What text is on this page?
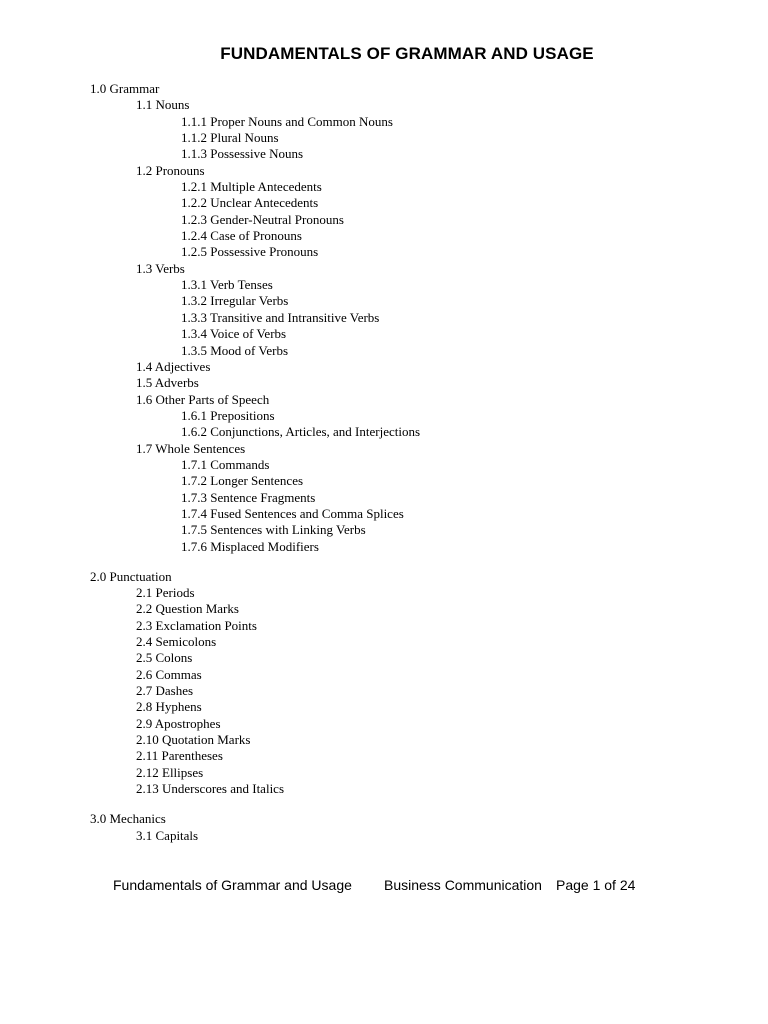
FUNDAMENTALS OF GRAMMAR AND USAGE
1.0 Grammar
1.1 Nouns
1.1.1 Proper Nouns and Common Nouns
1.1.2 Plural Nouns
1.1.3 Possessive Nouns
1.2 Pronouns
1.2.1 Multiple Antecedents
1.2.2 Unclear Antecedents
1.2.3 Gender-Neutral Pronouns
1.2.4 Case of Pronouns
1.2.5 Possessive Pronouns
1.3 Verbs
1.3.1 Verb Tenses
1.3.2 Irregular Verbs
1.3.3 Transitive and Intransitive Verbs
1.3.4 Voice of Verbs
1.3.5 Mood of Verbs
1.4 Adjectives
1.5 Adverbs
1.6 Other Parts of Speech
1.6.1 Prepositions
1.6.2 Conjunctions, Articles, and Interjections
1.7 Whole Sentences
1.7.1 Commands
1.7.2 Longer Sentences
1.7.3 Sentence Fragments
1.7.4 Fused Sentences and Comma Splices
1.7.5 Sentences with Linking Verbs
1.7.6 Misplaced Modifiers
2.0 Punctuation
2.1 Periods
2.2 Question Marks
2.3 Exclamation Points
2.4 Semicolons
2.5 Colons
2.6 Commas
2.7 Dashes
2.8 Hyphens
2.9 Apostrophes
2.10 Quotation Marks
2.11 Parentheses
2.12 Ellipses
2.13 Underscores and Italics
3.0 Mechanics
3.1 Capitals
Fundamentals of Grammar and Usage Business Communication Page 1 of 24
